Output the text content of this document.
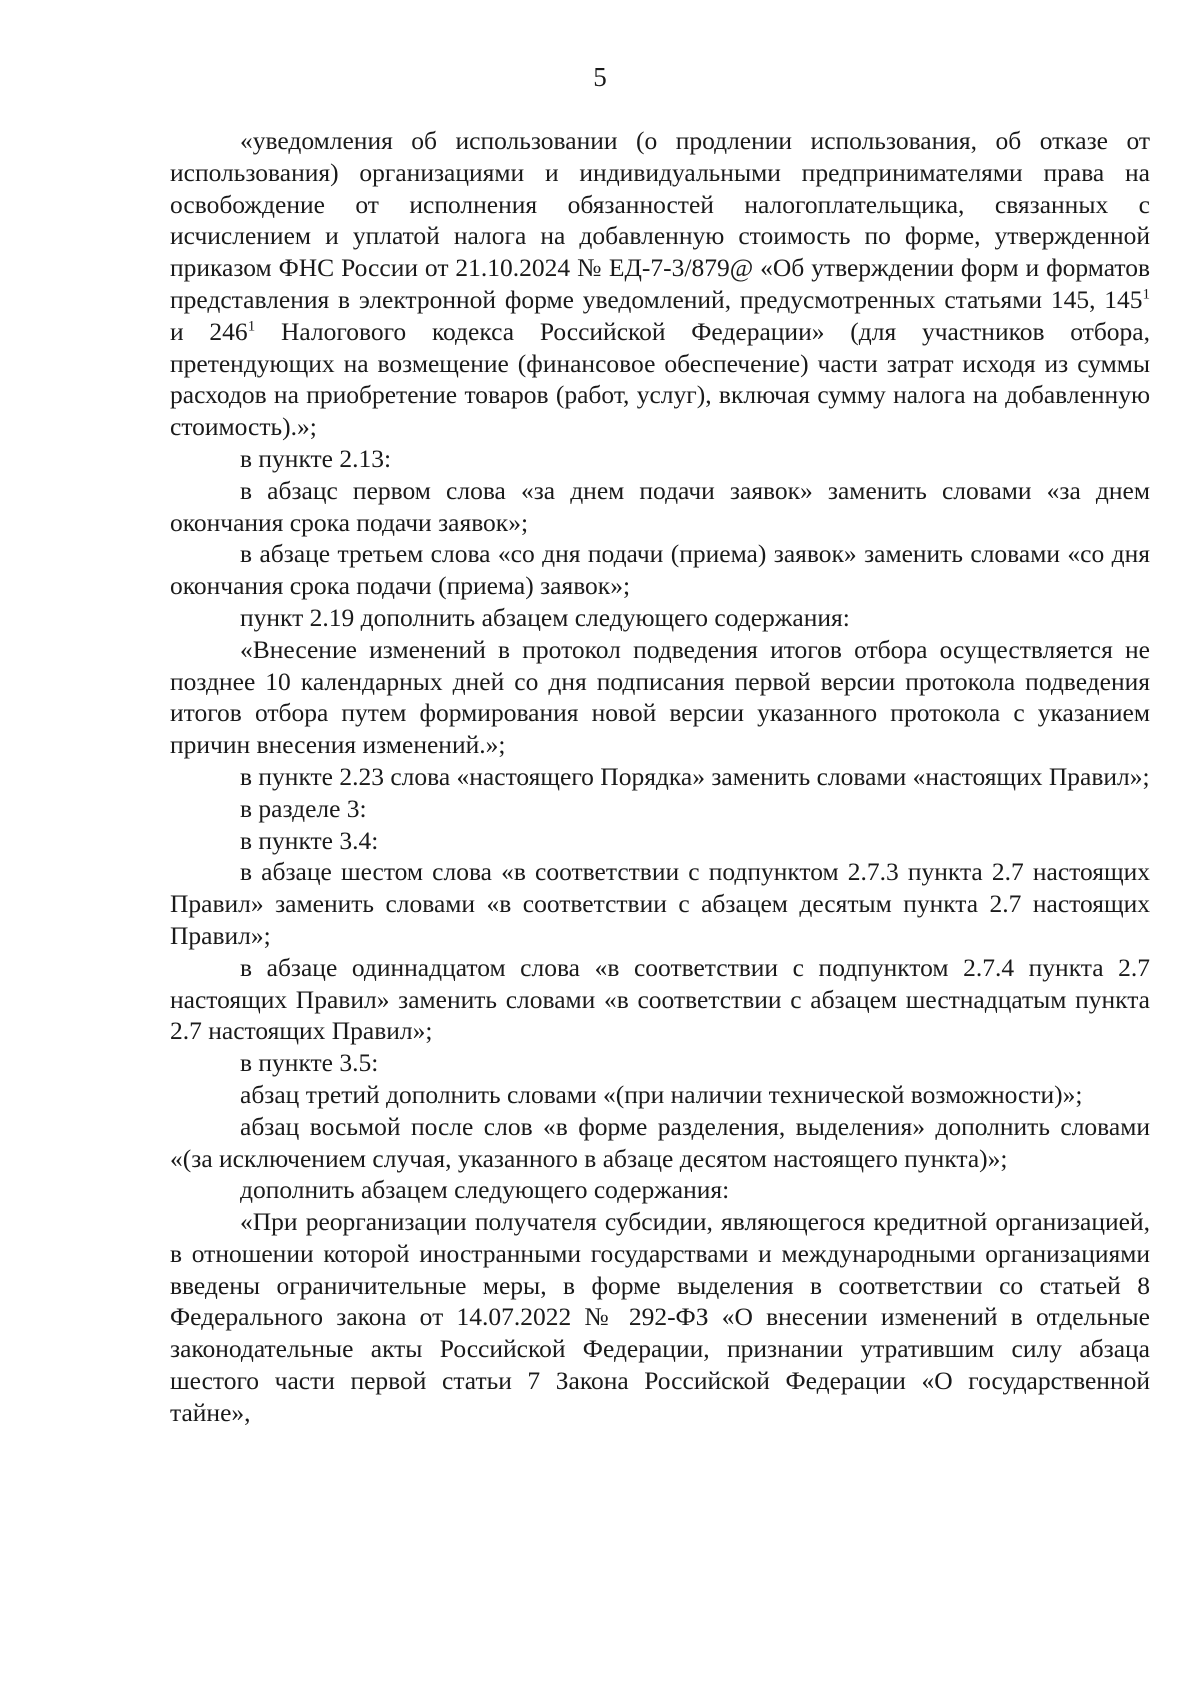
5

«уведомления об использовании (о продлении использования, об отказе от использования) организациями и индивидуальными предпринимателями права на освобождение от исполнения обязанностей налогоплательщика, связанных с исчислением и уплатой налога на добавленную стоимость по форме, утвержденной приказом ФНС России от 21.10.2024 № ЕД-7-3/879@ «Об утверждении форм и форматов представления в электронной форме уведомлений, предусмотренных статьями 145, $145^1$ и $246^1$ Налогового кодекса Российской Федерации» (для участников отбора, претендующих на возмещение (финансовое обеспечение) части затрат исходя из суммы расходов на приобретение товаров (работ, услуг), включая сумму налога на добавленную стоимость).»;

в пункте 2.13:

в абзацс первом слова «за днем подачи заявок» заменить словами «за днем окончания срока подачи заявок»;

в абзаце третьем слова «со дня подачи (приема) заявок» заменить словами «со дня окончания срока подачи (приема) заявок»;

пункт 2.19 дополнить абзацем следующего содержания:

«Внесение изменений в протокол подведения итогов отбора осуществляется не позднее 10 календарных дней со дня подписания первой версии протокола подведения итогов отбора путем формирования новой версии указанного протокола с указанием причин внесения изменений.»;

в пункте 2.23 слова «настоящего Порядка» заменить словами «настоящих Правил»;

в разделе 3:

в пункте 3.4:

в абзаце шестом слова «в соответствии с подпунктом 2.7.3 пункта 2.7 настоящих Правил» заменить словами «в соответствии с абзацем десятым пункта 2.7 настоящих Правил»;

в абзаце одиннадцатом слова «в соответствии с подпунктом 2.7.4 пункта 2.7 настоящих Правил» заменить словами «в соответствии с абзацем шестнадцатым пункта 2.7 настоящих Правил»;

в пункте 3.5:

абзац третий дополнить словами «(при наличии технической возможности)»;

абзац восьмой после слов «в форме разделения, выделения» дополнить словами «(за исключением случая, указанного в абзаце десятом настоящего пункта)»;

дополнить абзацем следующего содержания:

«При реорганизации получателя субсидии, являющегося кредитной организацией, в отношении которой иностранными государствами и международными организациями введены ограничительные меры, в форме выделения в соответствии со статьей 8 Федерального закона от 14.07.2022 № 292-ФЗ «О внесении изменений в отдельные законодательные акты Российской Федерации, признании утратившим силу абзаца шестого части первой статьи 7 Закона Российской Федерации «О государственной тайне»,
